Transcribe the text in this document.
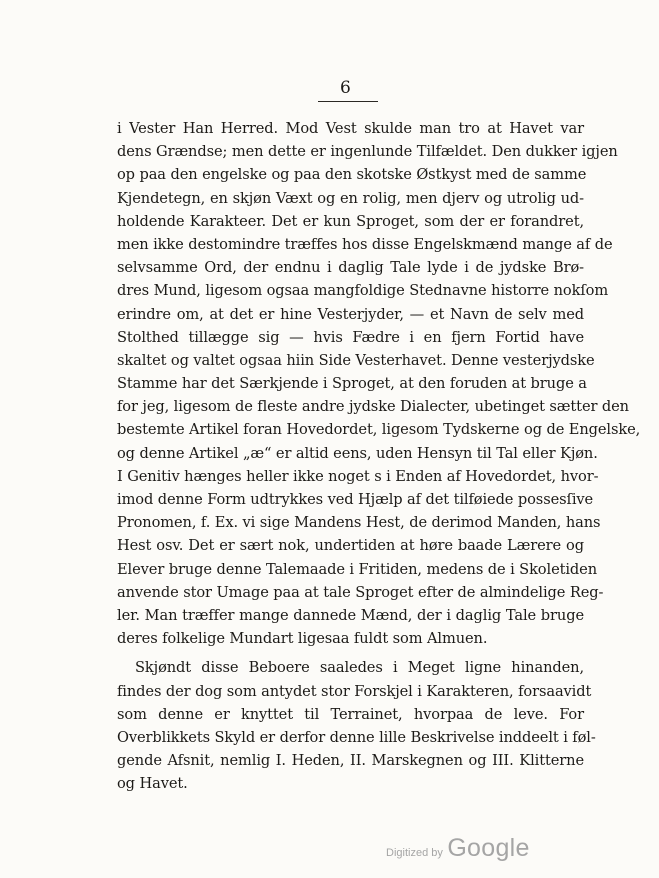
6
i Vester Han Herred. Mod Vest skulde man tro at Havet var
dens Grændse; men dette er ingenlunde Tilfældet. Den dukker igjen
op paa den engelske og paa den skotske Østkyst med de samme
Kjendetegn, en skjøn Væxt og en rolig, men djerv og utrolig ud-
holdende Karakteer. Det er kun Sproget, som der er forandret,
men ikke destomindre træffes hos disse Engelskmænd mange af de
selvsamme Ord, der endnu i daglig Tale lyde i de jydske Brø-
dres Mund, ligesom ogsaa mangfoldige Stednavne historre nokſom
erindre om, at det er hine Vesterjyder, — et Navn de selv med
Stolthed tillægge sig — hvis Fædre i en fjern Fortid have
skaltet og valtet ogsaa hiin Side Vesterhavet. Denne vesterjydske
Stamme har det Særkjende i Sproget, at den foruden at bruge a
for jeg, ligesom de fleste andre jydske Dialecter, ubetinget sætter den
bestemte Artikel foran Hovedordet, ligesom Tydskerne og de Engelske,
og denne Artikel „æ“ er altid eens, uden Hensyn til Tal eller Kjøn.
I Genitiv hænges heller ikke noget s i Enden af Hovedordet, hvor-
imod denne Form udtrykkes ved Hjælp af det tilføiede possesſive
Pronomen, f. Ex. vi sige Mandens Hest, de derimod Manden, hans
Hest osv. Det er sært nok, undertiden at høre baade Lærere og
Elever bruge denne Talemaade i Fritiden, medens de i Skoletiden
anvende stor Umage paa at tale Sproget efter de almindelige Reg-
ler. Man træffer mange dannede Mænd, der i daglig Tale bruge
deres folkelige Mundart ligesaa fuldt som Almuen.
Skjøndt disse Beboere saaledes i Meget ligne hinanden,
findes der dog som antydet stor Forskjel i Karakteren, forsaavidt
som denne er knyttet til Terrainet, hvorpaa de leve. For
Overblikkets Skyld er derfor denne lille Beskrivelse inddeelt i føl-
gende Afsnit, nemlig I. Heden, II. Marskegnen og III. Klitterne
og Havet.
Digitized by Google
